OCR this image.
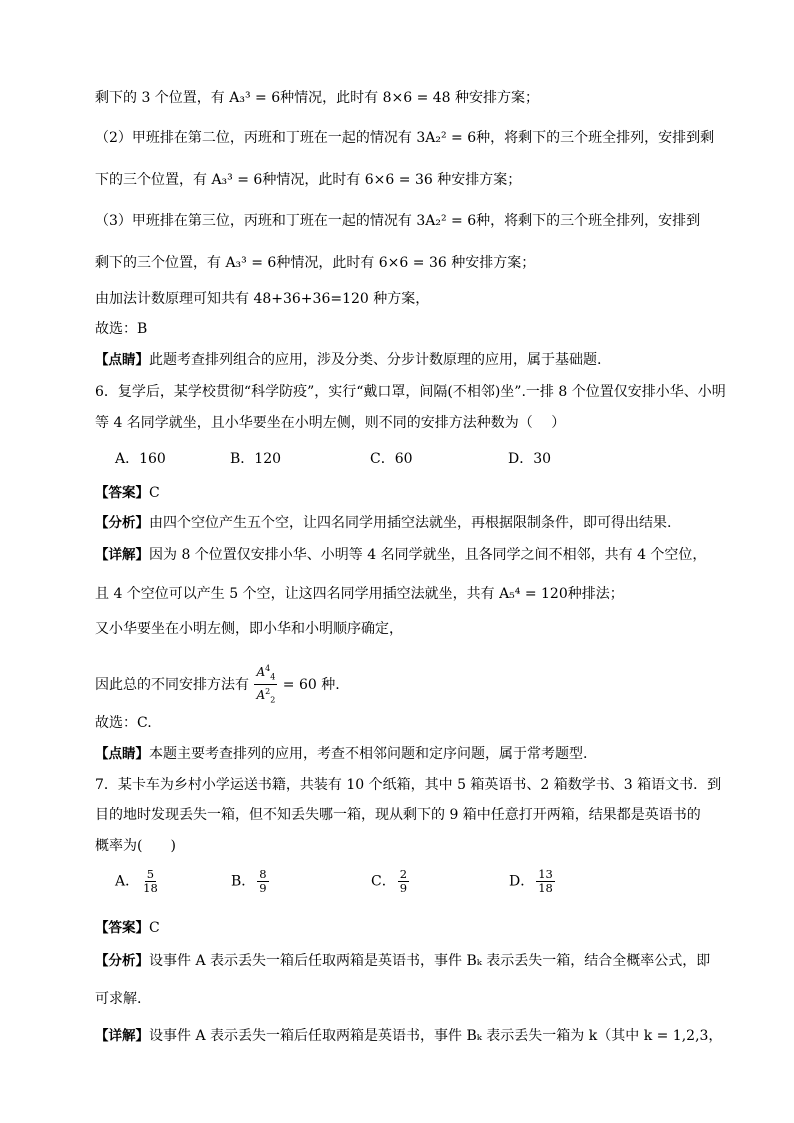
剩下的 3 个位置，有 A₃³ = 6种情况，此时有 8×6 = 48 种安排方案；
（2）甲班排在第二位，丙班和丁班在一起的情况有 3A₂² = 6种，将剩下的三个班全排列，安排到剩
下的三个位置，有 A₃³ = 6种情况，此时有 6×6 = 36 种安排方案；
（3）甲班排在第三位，丙班和丁班在一起的情况有 3A₂² = 6种，将剩下的三个班全排列，安排到
剩下的三个位置，有 A₃³ = 6种情况，此时有 6×6 = 36 种安排方案；
由加法计数原理可知共有 48+36+36=120 种方案，
故选：B
【点睛】此题考查排列组合的应用，涉及分类、分步计数原理的应用，属于基础题.
6．复学后，某学校贯彻“科学防疫”，实行“戴口罩，间隔(不相邻)坐”.一排 8 个位置仅安排小华、小明
等 4 名同学就坐，且小华要坐在小明左侧，则不同的安排方法种数为（　 ）
A．160	B．120	C．60	D．30
【答案】C
【分析】由四个空位产生五个空，让四名同学用插空法就坐，再根据限制条件，即可得出结果.
【详解】因为 8 个位置仅安排小华、小明等 4 名同学就坐，且各同学之间不相邻，共有 4 个空位，
且 4 个空位可以产生 5 个空，让这四名同学用插空法就坐，共有 A₅⁴ = 120种排法；
又小华要坐在小明左侧，即小华和小明顺序确定，
因此总的不同安排方法有 $\frac{A^4_4}{A^2_2} = 60$ 种.
故选：C.
【点睛】本题主要考查排列的应用，考查不相邻问题和定序问题，属于常考题型.
7．某卡车为乡村小学运送书籍，共装有 10 个纸箱，其中 5 箱英语书、2 箱数学书、3 箱语文书．到
目的地时发现丢失一箱，但不知丢失哪一箱，现从剩下的 9 箱中任意打开两箱，结果都是英语书的
概率为(　　)
A． $\frac{5}{18}$	B． $\frac{8}{9}$	C． $\frac{2}{9}$	D． $\frac{13}{18}$
【答案】C
【分析】设事件 A 表示丢失一箱后任取两箱是英语书，事件 Bₖ 表示丢失一箱，结合全概率公式，即
可求解.
【详解】设事件 A 表示丢失一箱后任取两箱是英语书，事件 Bₖ 表示丢失一箱为 k（其中 k = 1,2,3，
